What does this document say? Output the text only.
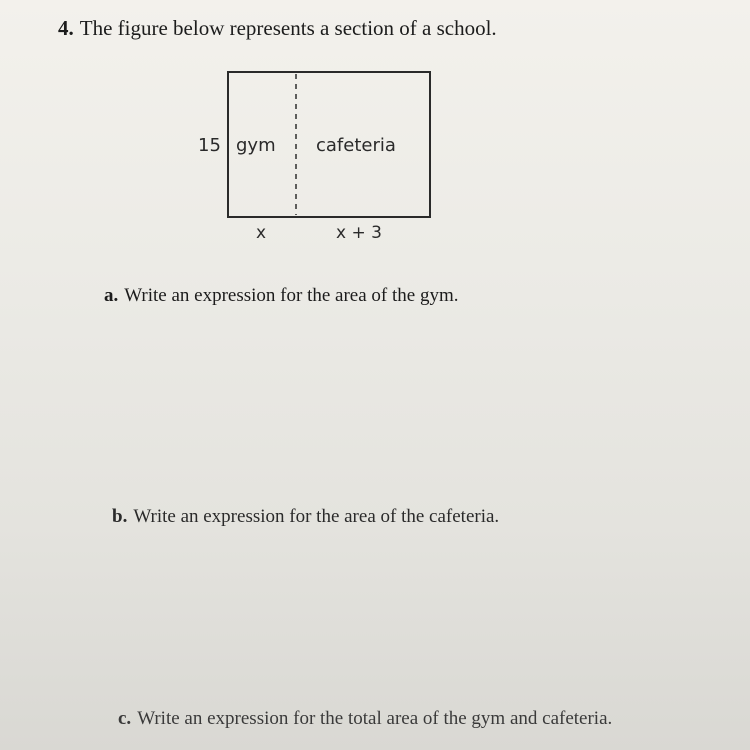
4. The figure below represents a section of a school.
15 gym cafeteria
x	x + 3
a. Write an expression for the area of the gym.
b. Write an expression for the area of the cafeteria.
c. Write an expression for the total area of the gym and cafeteria.
